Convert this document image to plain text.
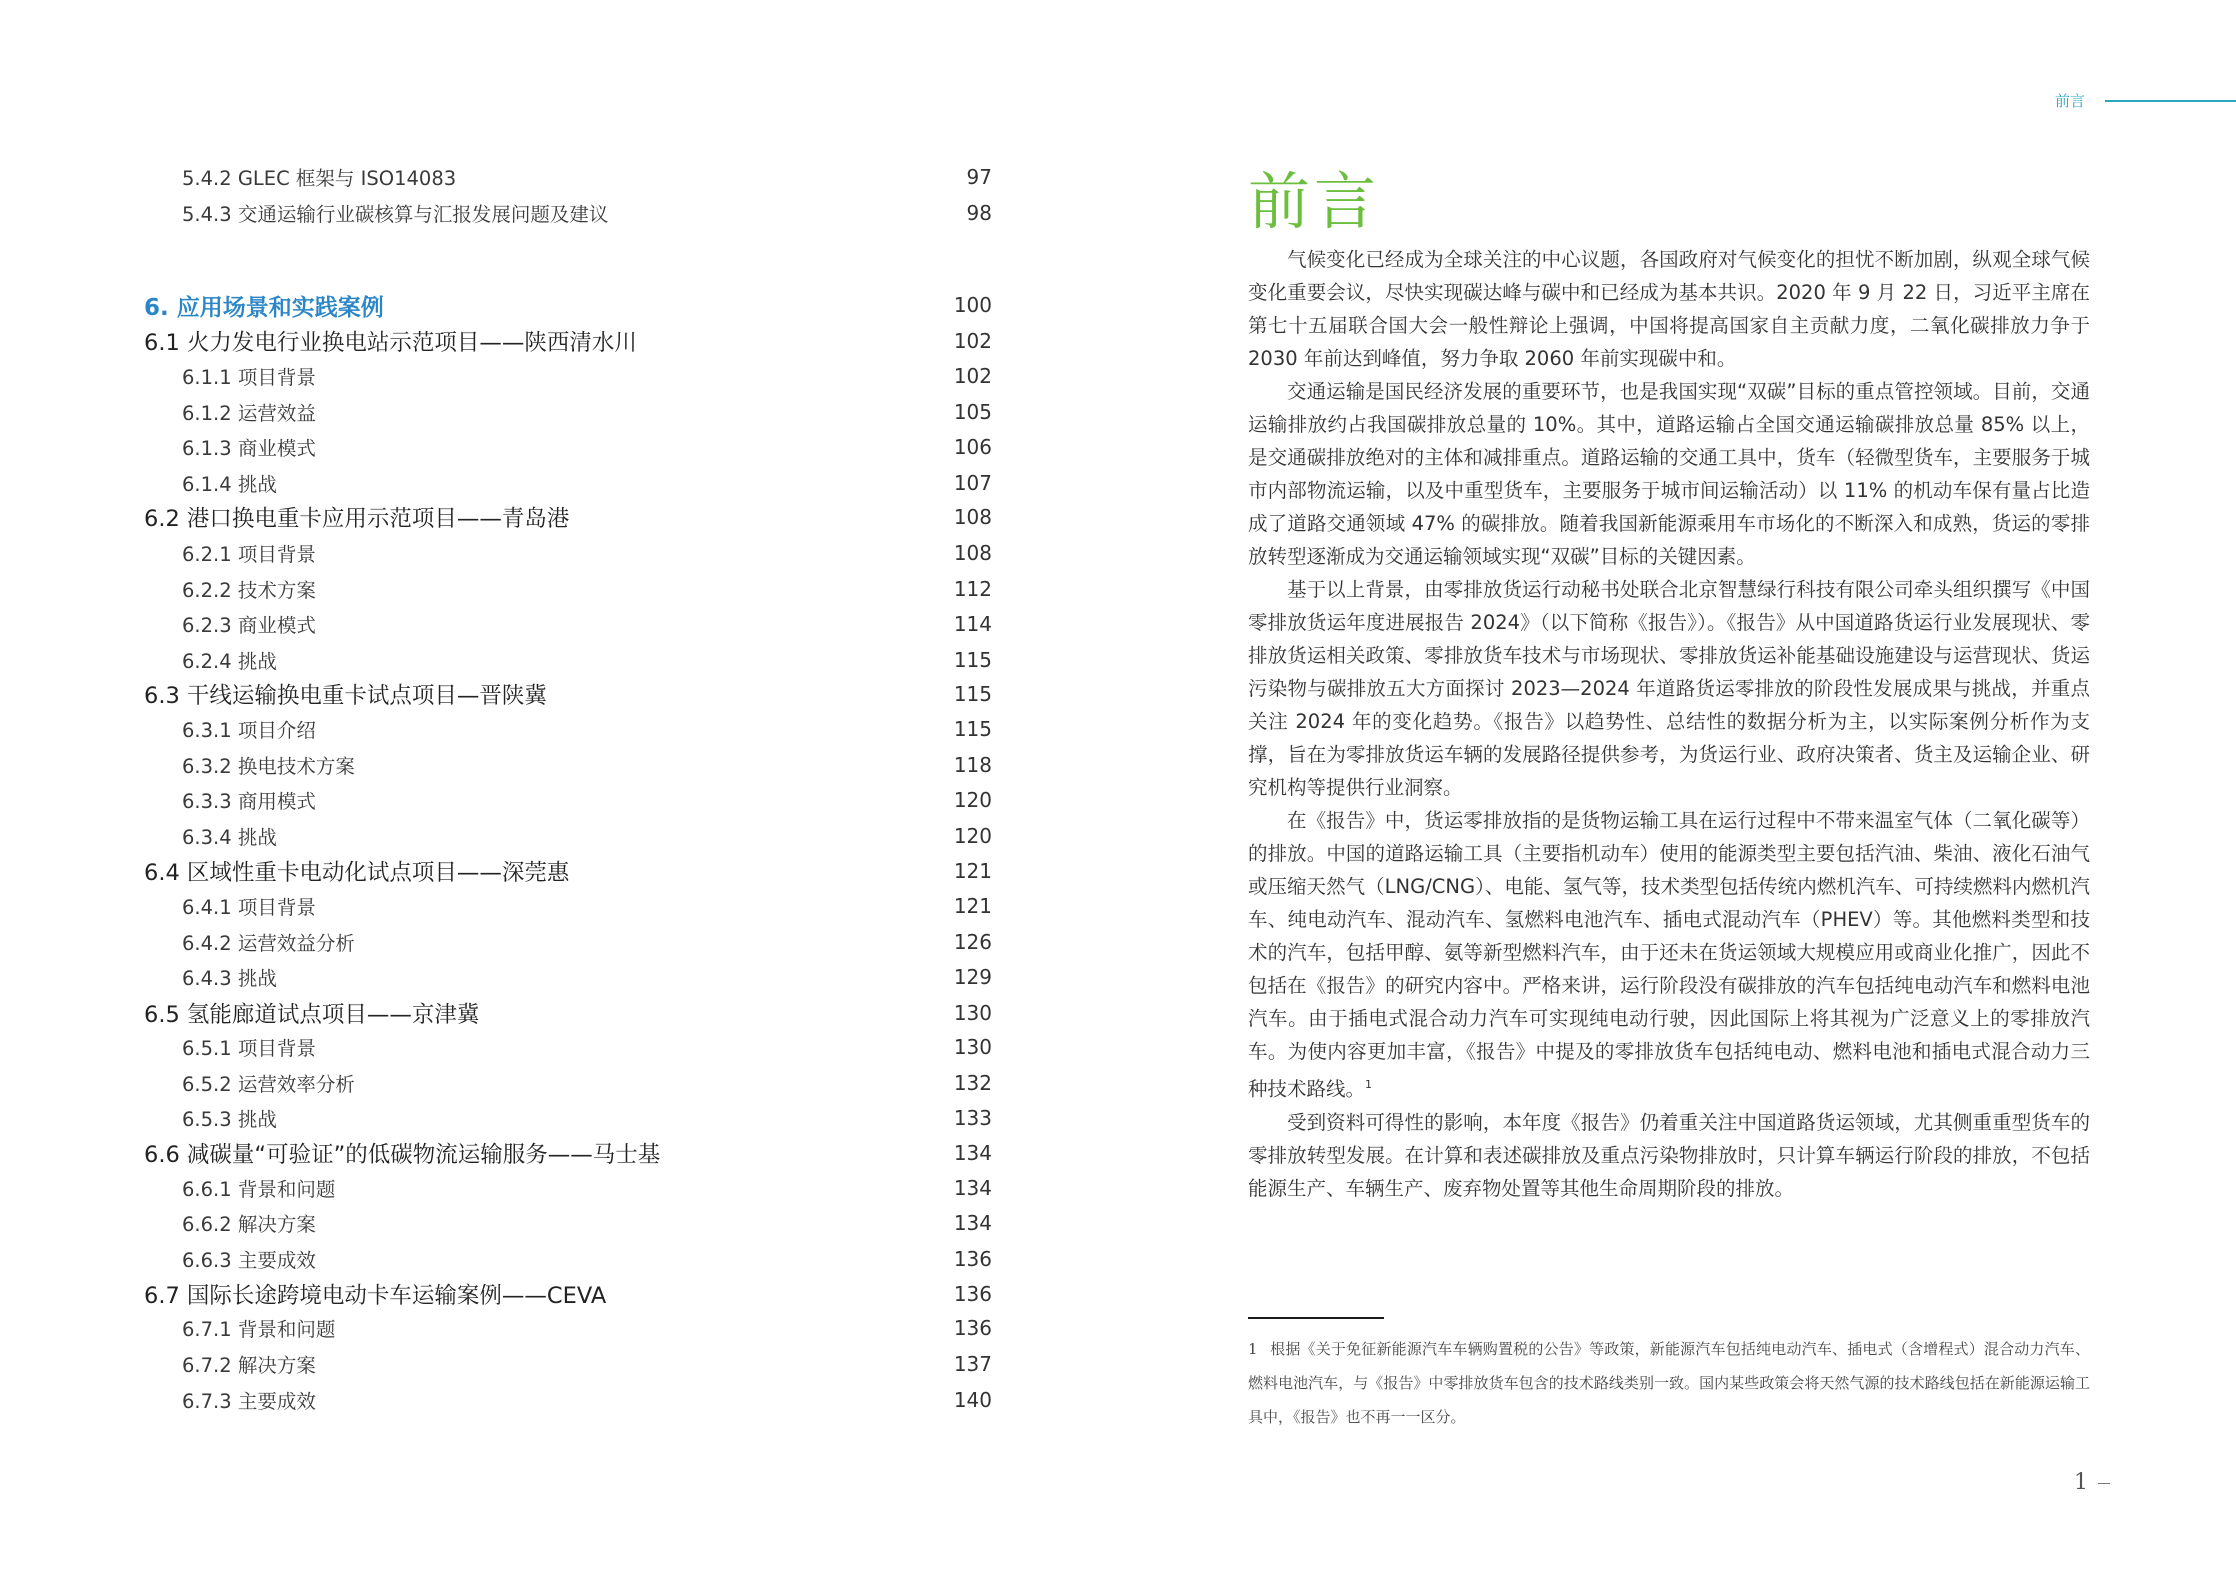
5.4.2 GLEC 框架与 ISO14083	97
5.4.3 交通运输行业碳核算与汇报发展问题及建议	98
6. 应用场景和实践案例	100
6.1 火力发电行业换电站示范项目——陕西清水川	102
6.1.1 项目背景	102
6.1.2 运营效益	105
6.1.3 商业模式	106
6.1.4 挑战	107
6.2 港口换电重卡应用示范项目——青岛港	108
6.2.1 项目背景	108
6.2.2 技术方案	112
6.2.3 商业模式	114
6.2.4 挑战	115
6.3 干线运输换电重卡试点项目—晋陕冀	115
6.3.1 项目介绍	115
6.3.2 换电技术方案	118
6.3.3 商用模式	120
6.3.4 挑战	120
6.4 区域性重卡电动化试点项目——深莞惠	121
6.4.1 项目背景	121
6.4.2 运营效益分析	126
6.4.3 挑战	129
6.5 氢能廊道试点项目——京津冀	130
6.5.1 项目背景	130
6.5.2 运营效率分析	132
6.5.3 挑战	133
6.6 减碳量“可验证”的低碳物流运输服务——马士基	134
6.6.1 背景和问题	134
6.6.2 解决方案	134
6.6.3 主要成效	136
6.7 国际长途跨境电动卡车运输案例——CEVA	136
6.7.1 背景和问题	136
6.7.2 解决方案	137
6.7.3 主要成效	140
前言
前言

气候变化已经成为全球关注的中心议题，各国政府对气候变化的担忧不断加剧，纵观全球气候变化重要会议，尽快实现碳达峰与碳中和已经成为基本共识。2020 年 9 月 22 日，习近平主席在第七十五届联合国大会一般性辩论上强调，中国将提高国家自主贡献力度，二氧化碳排放力争于 2030 年前达到峰值，努力争取 2060 年前实现碳中和。

交通运输是国民经济发展的重要环节，也是我国实现“双碳”目标的重点管控领域。目前，交通运输排放约占我国碳排放总量的 10%。其中，道路运输占全国交通运输碳排放总量 85% 以上，是交通碳排放绝对的主体和减排重点。道路运输的交通工具中，货车（轻微型货车，主要服务于城市内部物流运输，以及中重型货车，主要服务于城市间运输活动）以 11% 的机动车保有量占比造成了道路交通领域 47% 的碳排放。随着我国新能源乘用车市场化的不断深入和成熟，货运的零排放转型逐渐成为交通运输领域实现“双碳”目标的关键因素。

基于以上背景，由零排放货运行动秘书处联合北京智慧绿行科技有限公司牵头组织撰写《中国零排放货运年度进展报告 2024》（以下简称《报告》）。《报告》从中国道路货运行业发展现状、零排放货运相关政策、零排放货车技术与市场现状、零排放货运补能基础设施建设与运营现状、货运污染物与碳排放五大方面探讨 2023—2024 年道路货运零排放的阶段性发展成果与挑战，并重点关注 2024 年的变化趋势。《报告》以趋势性、总结性的数据分析为主，以实际案例分析作为支撑，旨在为零排放货运车辆的发展路径提供参考，为货运行业、政府决策者、货主及运输企业、研究机构等提供行业洞察。

在《报告》中，货运零排放指的是货物运输工具在运行过程中不带来温室气体（二氧化碳等）的排放。中国的道路运输工具（主要指机动车）使用的能源类型主要包括汽油、柴油、液化石油气或压缩天然气（LNG/CNG）、电能、氢气等，技术类型包括传统内燃机汽车、可持续燃料内燃机汽车、纯电动汽车、混动汽车、氢燃料电池汽车、插电式混动汽车（PHEV）等。其他燃料类型和技术的汽车，包括甲醇、氨等新型燃料汽车，由于还未在货运领域大规模应用或商业化推广，因此不包括在《报告》的研究内容中。严格来讲，运行阶段没有碳排放的汽车包括纯电动汽车和燃料电池汽车。由于插电式混合动力汽车可实现纯电动行驶，因此国际上将其视为广泛意义上的零排放汽车。为使内容更加丰富，《报告》中提及的零排放货车包括纯电动、燃料电池和插电式混合动力三种技术路线。$^1$

受到资料可得性的影响，本年度《报告》仍着重关注中国道路货运领域，尤其侧重重型货车的零排放转型发展。在计算和表述碳排放及重点污染物排放时，只计算车辆运行阶段的排放，不包括能源生产、车辆生产、废弃物处置等其他生命周期阶段的排放。

1 根据《关于免征新能源汽车车辆购置税的公告》等政策，新能源汽车包括纯电动汽车、插电式（含增程式）混合动力汽车、燃料电池汽车，与《报告》中零排放货车包含的技术路线类别一致。国内某些政策会将天然气源的技术路线包括在新能源运输工具中，《报告》也不再一一区分。

1
